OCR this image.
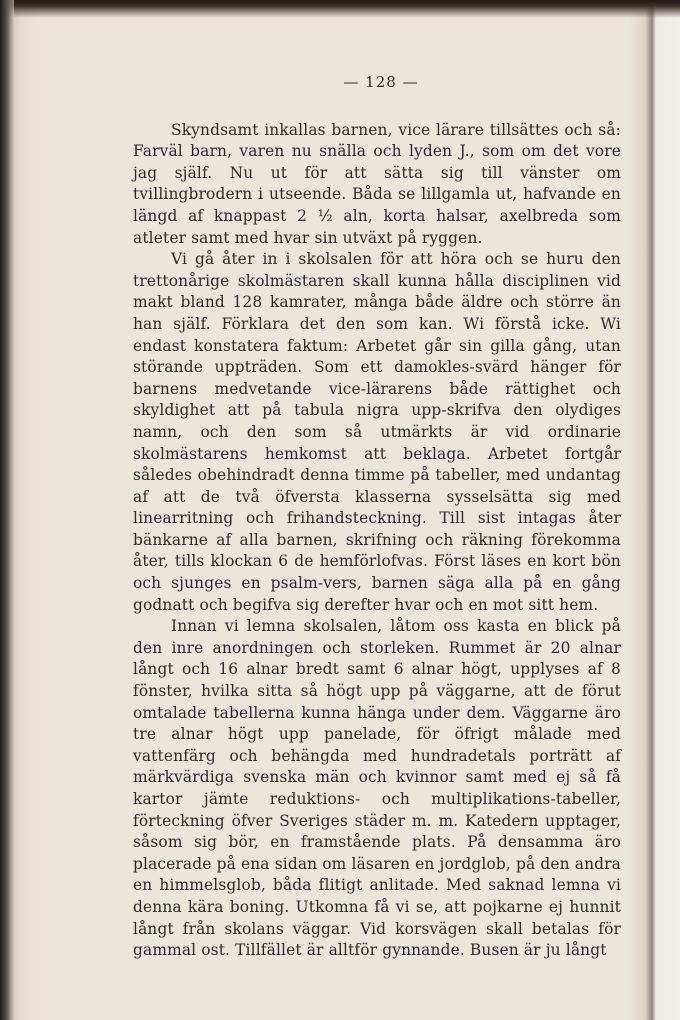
— 128 —

Skyndsamt inkallas barnen, vice lärare tillsättes och så: Farväl barn, varen nu snälla och lyden J., som om det vore jag själf. Nu ut för att sätta sig till vänster om tvillingbrodern i utseende. Båda se lillgamla ut, hafvande en längd af knappast 2 ½ aln, korta halsar, axelbreda som atleter samt med hvar sin utväxt på ryggen.

Vi gå åter in i skolsalen för att höra och se huru den trettonårige skolmästaren skall kunna hålla disciplinen vid makt bland 128 kamrater, många både äldre och större än han själf. Förklara det den som kan. Wi förstå icke. Wi endast konstatera faktum: Arbetet går sin gilla gång, utan störande uppträden. Som ett damokles-svärd hänger för barnens medvetande vice-lärarens både rättighet och skyldighet att på tabula nigra upp-skrifva den olydiges namn, och den som så utmärkts är vid ordinarie skolmästarens hemkomst att beklaga. Arbetet fortgår således obehindradt denna timme på tabeller, med undantag af att de två öfversta klasserna sysselsätta sig med linearritning och frihandsteckning. Till sist intagas åter bänkarne af alla barnen, skrifning och räkning förekomma åter, tills klockan 6 de hemförlofvas. Först läses en kort bön och sjunges en psalm-vers, barnen säga alla på en gång godnatt och begifva sig derefter hvar och en mot sitt hem.

Innan vi lemna skolsalen, låtom oss kasta en blick på den inre anordningen och storleken. Rummet är 20 alnar långt och 16 alnar bredt samt 6 alnar högt, upplyses af 8 fönster, hvilka sitta så högt upp på väggarne, att de förut omtalade tabellerna kunna hänga under dem. Väggarne äro tre alnar högt upp panelade, för öfrigt målade med vattenfärg och behängda med hundradetals porträtt af märkvärdiga svenska män och kvinnor samt med ej så få kartor jämte reduktions- och multiplikations-tabeller, förteckning öfver Sveriges städer m. m. Katedern upptager, såsom sig bör, en framstående plats. På densamma äro placerade på ena sidan om läsaren en jordglob, på den andra en himmelsglob, båda flitigt anlitade. Med saknad lemna vi denna kära boning. Utkomna få vi se, att pojkarne ej hunnit långt från skolans väggar. Vid korsvägen skall betalas för gammal ost. Tillfället är alltför gynnande. Busen är ju långt
